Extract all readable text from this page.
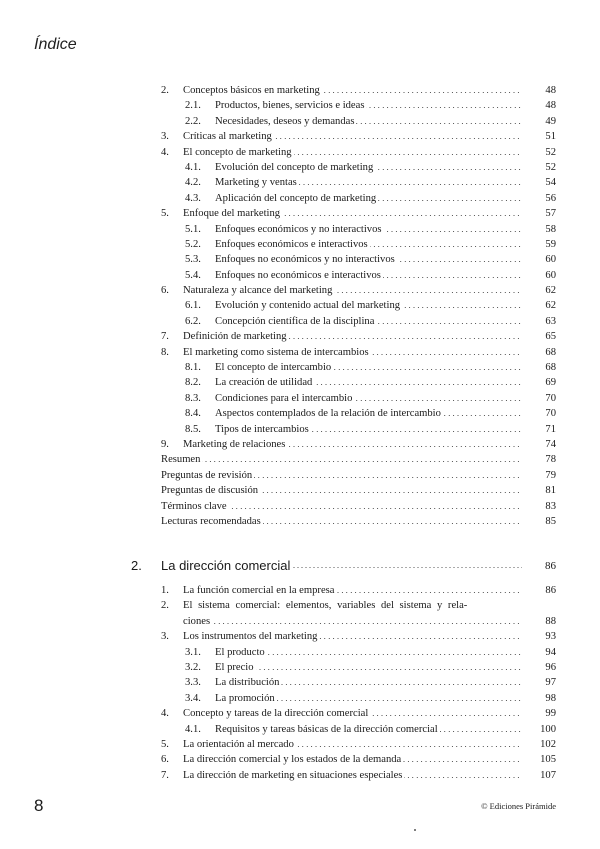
Índice
2. Conceptos básicos en marketing . . .	48
2.1. Productos, bienes, servicios e ideas . . .	48
2.2. Necesidades, deseos y demandas . . .	49
3. Críticas al marketing . . .	51
4. El concepto de marketing . . .	52
4.1. Evolución del concepto de marketing . . .	52
4.2. Marketing y ventas . . .	54
4.3. Aplicación del concepto de marketing . . .	56
5. Enfoque del marketing . . .	57
5.1. Enfoques económicos y no interactivos . . .	58
5.2. Enfoques económicos e interactivos . . .	59
5.3. Enfoques no económicos y no interactivos . . .	60
5.4. Enfoques no económicos e interactivos . . .	60
6. Naturaleza y alcance del marketing . . .	62
6.1. Evolución y contenido actual del marketing . . .	62
6.2. Concepción científica de la disciplina . . .	63
7. Definición de marketing . . .	65
8. El marketing como sistema de intercambios . . .	68
8.1. El concepto de intercambio . . .	68
8.2. La creación de utilidad . . .	69
8.3. Condiciones para el intercambio . . .	70
8.4. Aspectos contemplados de la relación de intercambio . . .	70
8.5. Tipos de intercambios . . .	71
9. Marketing de relaciones . . .	74
Resumen . . .	78
Preguntas de revisión . . .	79
Preguntas de discusión . . .	81
Términos clave . . .	83
Lecturas recomendadas . . .	85
2. La dirección comercial . . .	86
1. La función comercial en la empresa . . .	86
2. El sistema comercial: elementos, variables del sistema y rela-
ciones . . .	88
3. Los instrumentos del marketing . . .	93
3.1. El producto . . .	94
3.2. El precio . . .	96
3.3. La distribución . . .	97
3.4. La promoción . . .	98
4. Concepto y tareas de la dirección comercial . . .	99
4.1. Requisitos y tareas básicas de la dirección comercial . . .	100
5. La orientación al mercado . . .	102
6. La dirección comercial y los estados de la demanda . . .	105
7. La dirección de marketing en situaciones especiales . . .	107
8	© Ediciones Pirámide
